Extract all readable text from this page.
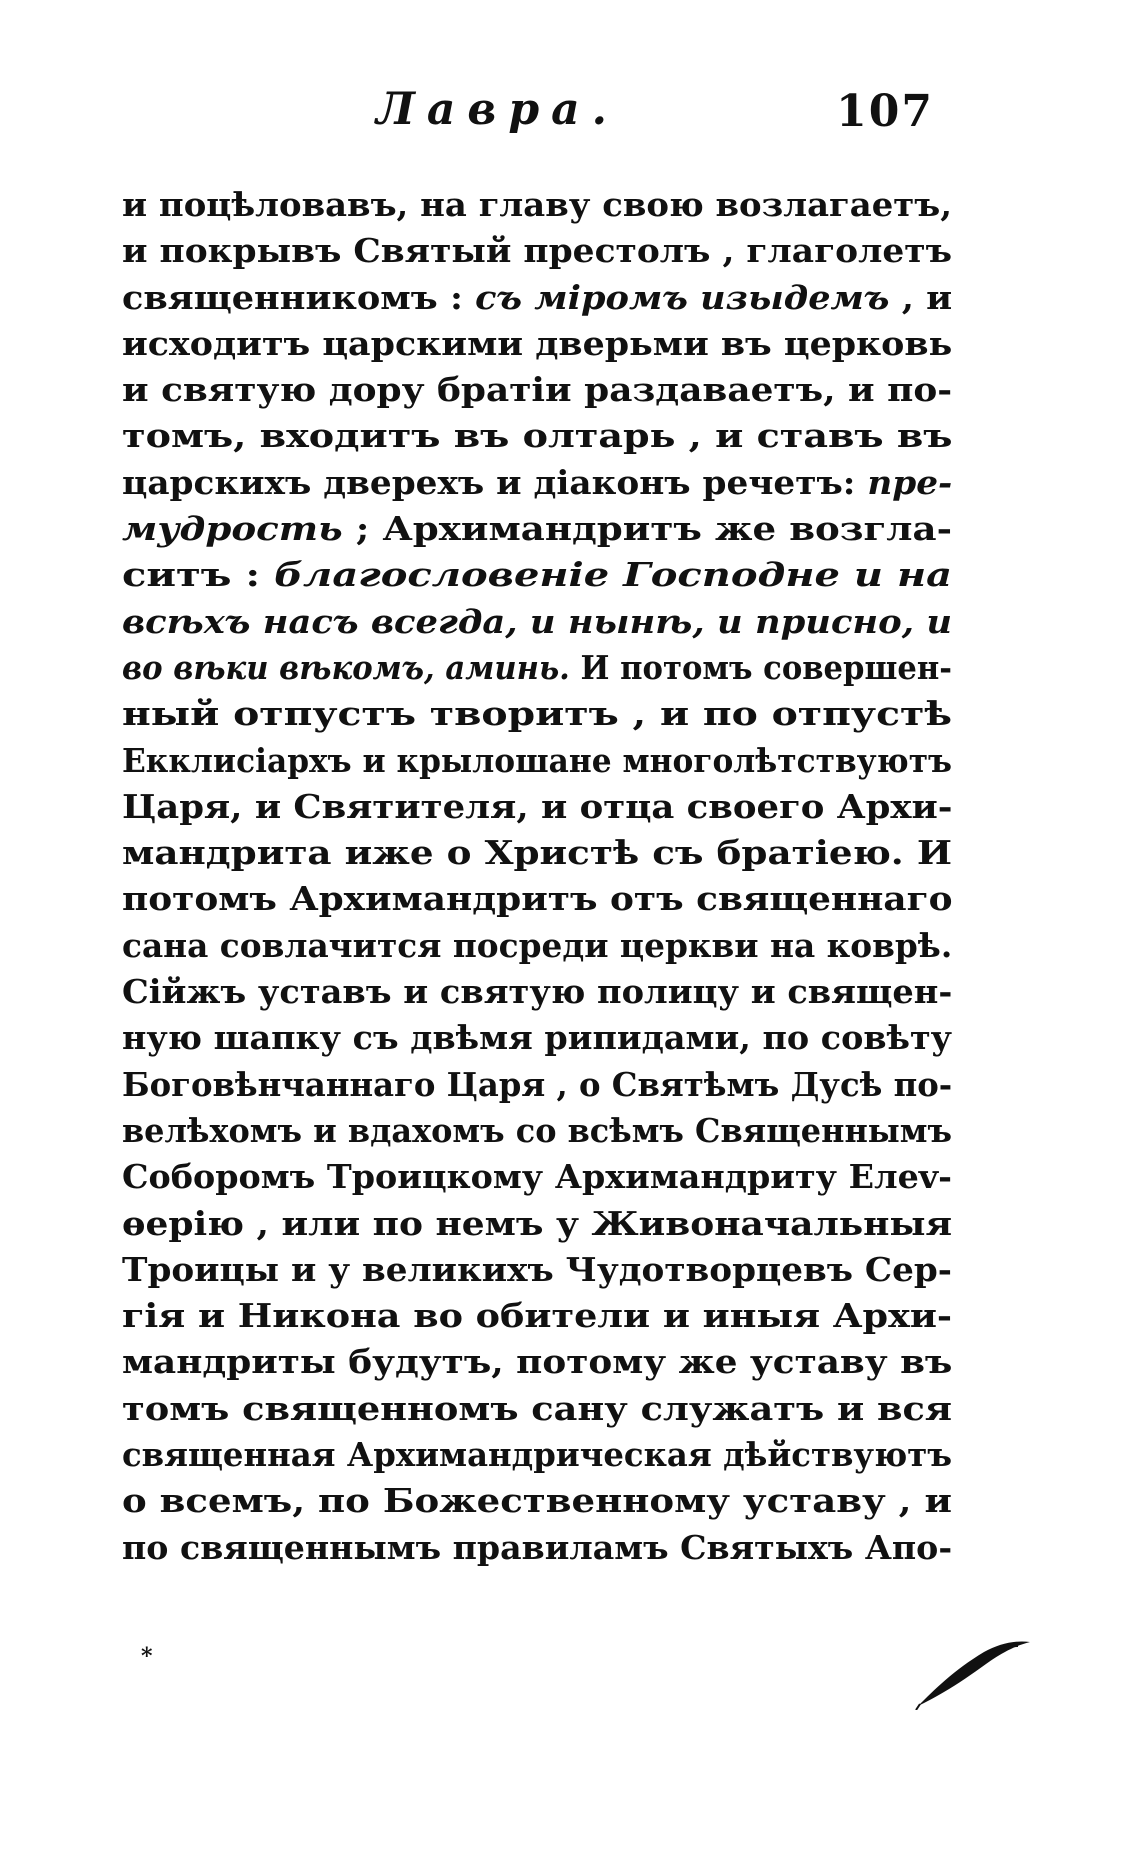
Лавра.	107
и поцѣловавъ, на главу свою возлагаетъ,
и покрывъ Святый престолъ , глаголетъ
священникомъ : съ міромъ изыдемъ , и
исходитъ царскими дверьми въ церковь
и святую дору братіи раздаваетъ, и по-
томъ, входитъ въ олтарь , и ставъ въ
царскихъ дверехъ и діаконъ речетъ: пре-
мудрость ; Архимандритъ же возгла-
ситъ : благословеніе Господне и на
всѣхъ насъ всегда, и нынѣ, и присно, и
во вѣки вѣкомъ, аминь. И потомъ совершен-
ный отпустъ творитъ , и по отпустѣ
Екклисіархъ и крылошане многолѣтствуютъ
Царя, и Святителя, и отца своего Архи-
мандрита иже о Христѣ съ братіею. И
потомъ Архимандритъ отъ священнаго
сана совлачится посреди церкви на коврѣ.
Сійжъ уставъ и святую полицу и священ-
ную шапку съ двѣмя рипидами, по совѣту
Боговѣнчаннаго Царя , о Святѣмъ Дусѣ по-
велѣхомъ и вдахомъ со всѣмъ Священнымъ
Соборомъ Троицкому Архимандриту Елеv-
ѳерію , или по немъ у Живоначальныя
Троицы и у великихъ Чудотворцевъ Сер-
гія и Никона во обители и иныя Архи-
мандриты будутъ, потому же уставу въ
томъ священномъ сану служатъ и вся
священная Архимандрическая дѣйствуютъ
о всемъ, по Божественному уставу , и
по священнымъ правиламъ Святыхъ Апо-
⁎
